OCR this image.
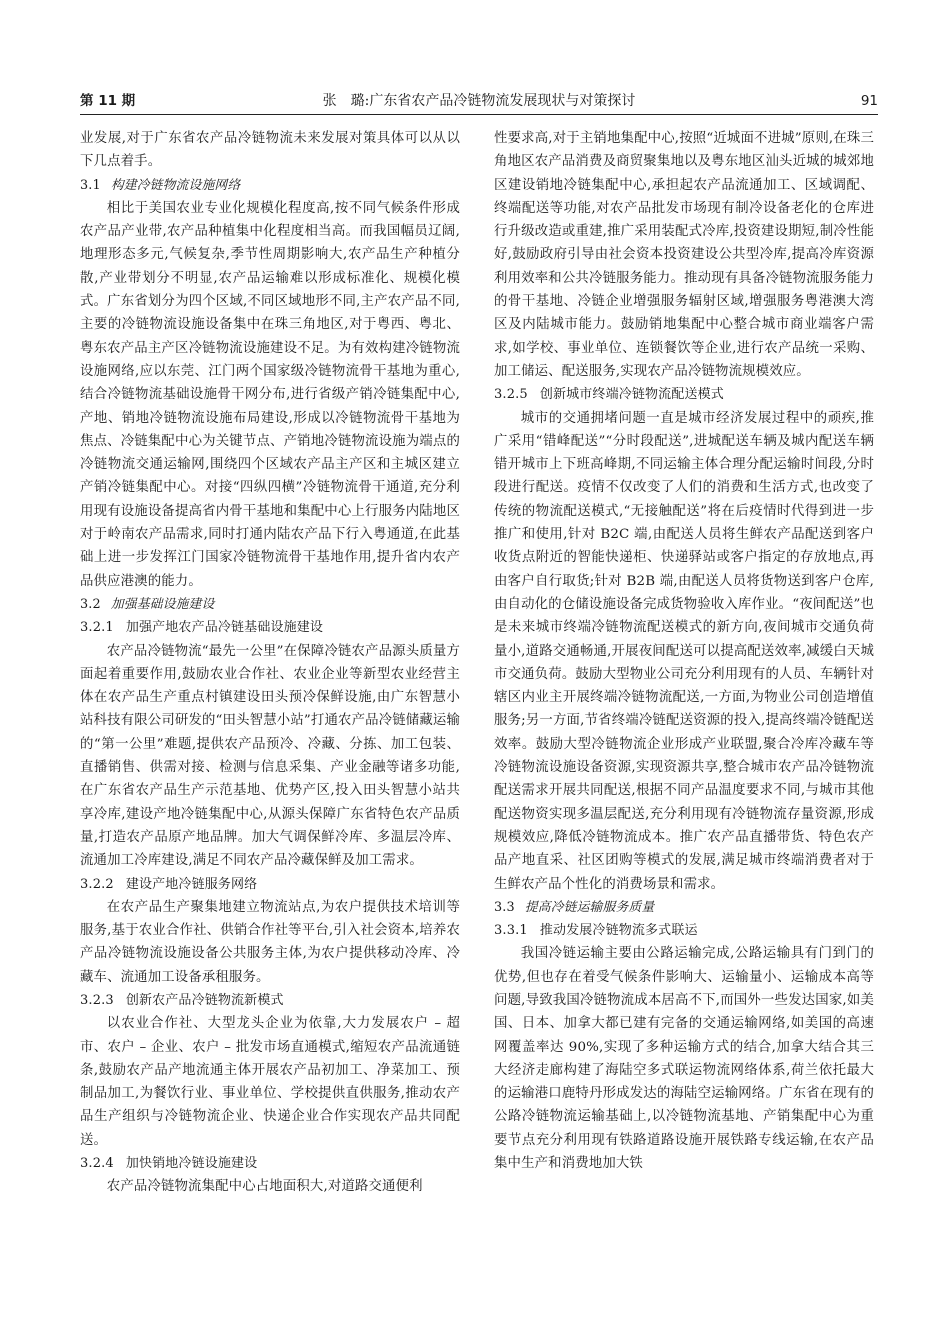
第 11 期	张　璐:广东省农产品冷链物流发展现状与对策探讨	91

业发展,对于广东省农产品冷链物流未来发展对策具体可以从以下几点着手。

3.1 构建冷链物流设施网络

相比于美国农业专业化规模化程度高,按不同气候条件形成农产品产业带,农产品种植集中化程度相当高。而我国幅员辽阔,地理形态多元,气候复杂,季节性周期影响大,农产品生产种植分散,产业带划分不明显,农产品运输难以形成标准化、规模化模式。广东省划分为四个区域,不同区域地形不同,主产农产品不同,主要的冷链物流设施设备集中在珠三角地区,对于粤西、粤北、粤东农产品主产区冷链物流设施建设不足。为有效构建冷链物流设施网络,应以东莞、江门两个国家级冷链物流骨干基地为重心,结合冷链物流基础设施骨干网分布,进行省级产销冷链集配中心,产地、销地冷链物流设施布局建设,形成以冷链物流骨干基地为焦点、冷链集配中心为关键节点、产销地冷链物流设施为端点的冷链物流交通运输网,围绕四个区域农产品主产区和主城区建立产销冷链集配中心。对接“四纵四横”冷链物流骨干通道,充分利用现有设施设备提高省内骨干基地和集配中心上行服务内陆地区对于岭南农产品需求,同时打通内陆农产品下行入粤通道,在此基础上进一步发挥江门国家冷链物流骨干基地作用,提升省内农产品供应港澳的能力。

3.2 加强基础设施建设
3.2.1 加强产地农产品冷链基础设施建设

农产品冷链物流“最先一公里”在保障冷链农产品源头质量方面起着重要作用,鼓励农业合作社、农业企业等新型农业经营主体在农产品生产重点村镇建设田头预冷保鲜设施,由广东智慧小站科技有限公司研发的“田头智慧小站”打通农产品冷链储藏运输的“第一公里”难题,提供农产品预冷、冷藏、分拣、加工包装、直播销售、供需对接、检测与信息采集、产业金融等诸多功能,在广东省农产品生产示范基地、优势产区,投入田头智慧小站共享冷库,建设产地冷链集配中心,从源头保障广东省特色农产品质量,打造农产品原产地品牌。加大气调保鲜冷库、多温层冷库、流通加工冷库建设,满足不同农产品冷藏保鲜及加工需求。

3.2.2 建设产地冷链服务网络

在农产品生产聚集地建立物流站点,为农户提供技术培训等服务,基于农业合作社、供销合作社等平台,引入社会资本,培养农产品冷链物流设施设备公共服务主体,为农户提供移动冷库、冷藏车、流通加工设备承租服务。

3.2.3 创新农产品冷链物流新模式

以农业合作社、大型龙头企业为依靠,大力发展农户 – 超市、农户 – 企业、农户 – 批发市场直通模式,缩短农产品流通链条,鼓励农产品产地流通主体开展农产品初加工、净菜加工、预制品加工,为餐饮行业、事业单位、学校提供直供服务,推动农产品生产组织与冷链物流企业、快递企业合作实现农产品共同配送。

3.2.4 加快销地冷链设施建设

农产品冷链物流集配中心占地面积大,对道路交通便利

性要求高,对于主销地集配中心,按照“近城面不进城”原则,在珠三角地区农产品消费及商贸聚集地以及粤东地区汕头近城的城郊地区建设销地冷链集配中心,承担起农产品流通加工、区域调配、终端配送等功能,对农产品批发市场现有制冷设备老化的仓库进行升级改造或重建,推广采用装配式冷库,投资建设期短,制冷性能好,鼓励政府引导由社会资本投资建设公共型冷库,提高冷库资源利用效率和公共冷链服务能力。推动现有具备冷链物流服务能力的骨干基地、冷链企业增强服务辐射区域,增强服务粤港澳大湾区及内陆城市能力。鼓励销地集配中心整合城市商业端客户需求,如学校、事业单位、连锁餐饮等企业,进行农产品统一采购、加工储运、配送服务,实现农产品冷链物流规模效应。

3.2.5 创新城市终端冷链物流配送模式

城市的交通拥堵问题一直是城市经济发展过程中的顽疾,推广采用“错峰配送”“分时段配送”,进城配送车辆及城内配送车辆错开城市上下班高峰期,不同运输主体合理分配运输时间段,分时段进行配送。疫情不仅改变了人们的消费和生活方式,也改变了传统的物流配送模式,“无接触配送”将在后疫情时代得到进一步推广和使用,针对 B2C 端,由配送人员将生鲜农产品配送到客户收货点附近的智能快递柜、快递驿站或客户指定的存放地点,再由客户自行取货;针对 B2B 端,由配送人员将货物送到客户仓库,由自动化的仓储设施设备完成货物验收入库作业。“夜间配送”也是未来城市终端冷链物流配送模式的新方向,夜间城市交通负荷量小,道路交通畅通,开展夜间配送可以提高配送效率,减缓白天城市交通负荷。鼓励大型物业公司充分利用现有的人员、车辆针对辖区内业主开展终端冷链物流配送,一方面,为物业公司创造增值服务;另一方面,节省终端冷链配送资源的投入,提高终端冷链配送效率。鼓励大型冷链物流企业形成产业联盟,聚合冷库冷藏车等冷链物流设施设备资源,实现资源共享,整合城市农产品冷链物流配送需求开展共同配送,根据不同产品温度要求不同,与城市其他配送物资实现多温层配送,充分利用现有冷链物流存量资源,形成规模效应,降低冷链物流成本。推广农产品直播带货、特色农产品产地直采、社区团购等模式的发展,满足城市终端消费者对于生鲜农产品个性化的消费场景和需求。

3.3 提高冷链运输服务质量
3.3.1 推动发展冷链物流多式联运

我国冷链运输主要由公路运输完成,公路运输具有门到门的优势,但也存在着受气候条件影响大、运输量小、运输成本高等问题,导致我国冷链物流成本居高不下,而国外一些发达国家,如美国、日本、加拿大都已建有完备的交通运输网络,如美国的高速网覆盖率达 90%,实现了多种运输方式的结合,加拿大结合其三大经济走廊构建了海陆空多式联运物流网络体系,荷兰依托最大的运输港口鹿特丹形成发达的海陆空运输网络。广东省在现有的公路冷链物流运输基础上,以冷链物流基地、产销集配中心为重要节点充分利用现有铁路道路设施开展铁路专线运输,在农产品集中生产和消费地加大铁
